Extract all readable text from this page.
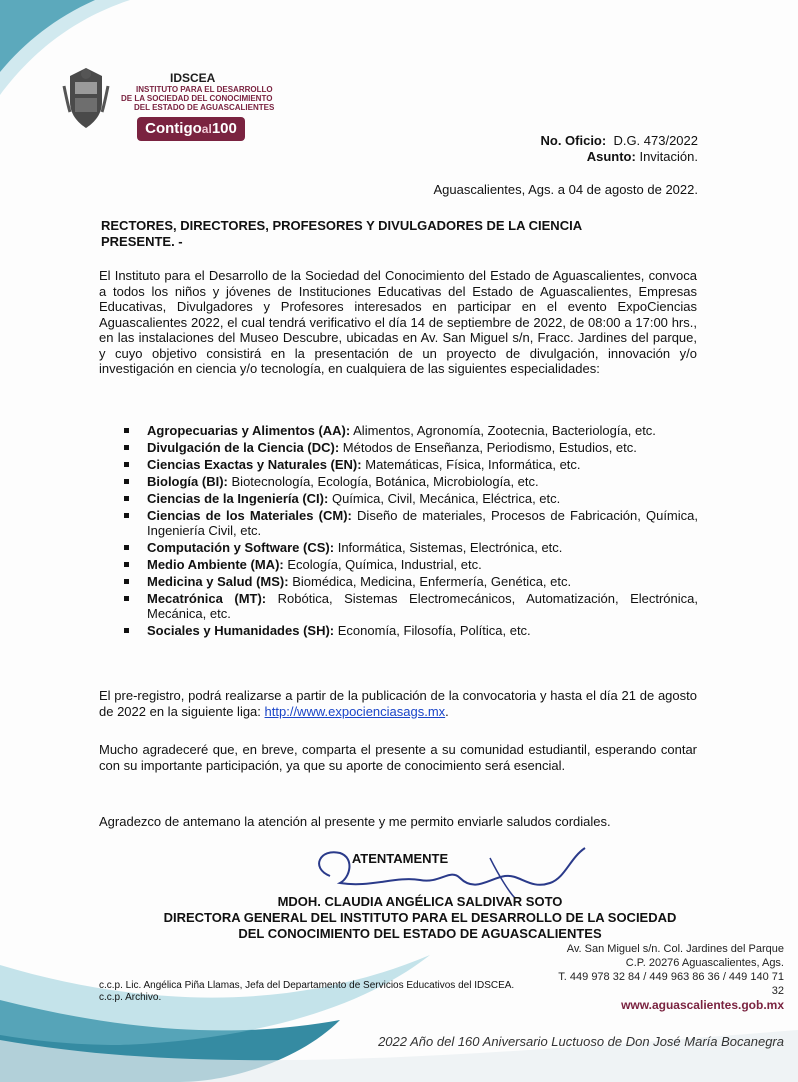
IDSCEA
INSTITUTO PARA EL DESARROLLO
DE LA SOCIEDAD DEL CONOCIMIENTO
DEL ESTADO DE AGUASCALIENTES
Contigoal100
No. Oficio: D.G. 473/2022
Asunto: Invitación.
Aguascalientes, Ags. a 04 de agosto de 2022.
RECTORES, DIRECTORES, PROFESORES Y DIVULGADORES DE LA CIENCIA
PRESENTE. -
El Instituto para el Desarrollo de la Sociedad del Conocimiento del Estado de Aguascalientes, convoca a todos los niños y jóvenes de Instituciones Educativas del Estado de Aguascalientes, Empresas Educativas, Divulgadores y Profesores interesados en participar en el evento ExpoCiencias Aguascalientes 2022, el cual tendrá verificativo el día 14 de septiembre de 2022, de 08:00 a 17:00 hrs., en las instalaciones del Museo Descubre, ubicadas en Av. San Miguel s/n, Fracc. Jardines del parque, y cuyo objetivo consistirá en la presentación de un proyecto de divulgación, innovación y/o investigación en ciencia y/o tecnología, en cualquiera de las siguientes especialidades:
Agropecuarias y Alimentos (AA): Alimentos, Agronomía, Zootecnia, Bacteriología, etc.
Divulgación de la Ciencia (DC): Métodos de Enseñanza, Periodismo, Estudios, etc.
Ciencias Exactas y Naturales (EN): Matemáticas, Física, Informática, etc.
Biología (BI): Biotecnología, Ecología, Botánica, Microbiología, etc.
Ciencias de la Ingeniería (CI): Química, Civil, Mecánica, Eléctrica, etc.
Ciencias de los Materiales (CM): Diseño de materiales, Procesos de Fabricación, Química, Ingeniería Civil, etc.
Computación y Software (CS): Informática, Sistemas, Electrónica, etc.
Medio Ambiente (MA): Ecología, Química, Industrial, etc.
Medicina y Salud (MS): Biomédica, Medicina, Enfermería, Genética, etc.
Mecatrónica (MT): Robótica, Sistemas Electromecánicos, Automatización, Electrónica, Mecánica, etc.
Sociales y Humanidades (SH): Economía, Filosofía, Política, etc.
El pre-registro, podrá realizarse a partir de la publicación de la convocatoria y hasta el día 21 de agosto de 2022 en la siguiente liga: http://www.expocienciasags.mx.
Mucho agradeceré que, en breve, comparta el presente a su comunidad estudiantil, esperando contar con su importante participación, ya que su aporte de conocimiento será esencial.
Agradezco de antemano la atención al presente y me permito enviarle saludos cordiales.
ATENTAMENTE
MDOH. CLAUDIA ANGÉLICA SALDIVAR SOTO
DIRECTORA GENERAL DEL INSTITUTO PARA EL DESARROLLO DE LA SOCIEDAD
DEL CONOCIMIENTO DEL ESTADO DE AGUASCALIENTES
Av. San Miguel s/n. Col. Jardines del Parque
C.P. 20276 Aguascalientes, Ags.
T. 449 978 32 84 / 449 963 86 36 / 449 140 71 32
www.aguascalientes.gob.mx
c.c.p. Lic. Angélica Piña Llamas, Jefa del Departamento de Servicios Educativos del IDSCEA.
c.c.p. Archivo.
2022 Año del 160 Aniversario Luctuoso de Don José María Bocanegra
